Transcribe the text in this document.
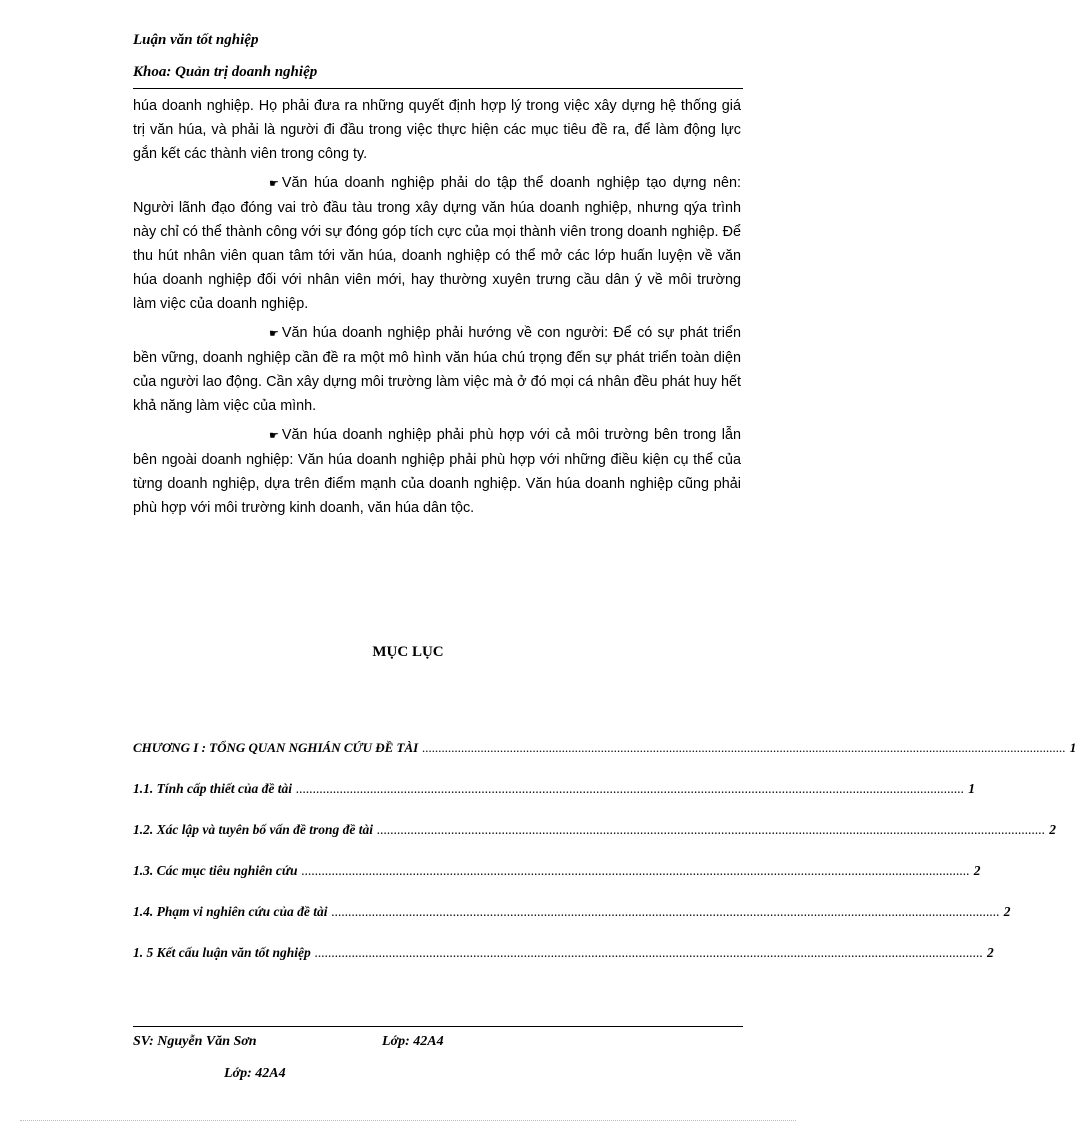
Luận văn tốt nghiệp
Khoa: Quản trị doanh nghiệp

húa doanh nghiệp. Họ phải đưa ra những quyết định hợp lý trong việc xây dựng hệ thống giá trị văn húa, và phải là người đi đầu trong việc thực hiện các mục tiêu đề ra, để làm động lực gắn kết các thành viên trong công ty.

☛ Văn húa doanh nghiệp phải do tập thể doanh nghiệp tạo dựng nên: Người lãnh đạo đóng vai trò đầu tàu trong xây dựng văn húa doanh nghiệp, nhưng qýa trình này chỉ có thể thành công với sự đóng góp tích cực của mọi thành viên trong doanh nghiệp. Để thu hút nhân viên quan tâm tới văn húa, doanh nghiệp có thể mở các lớp huấn luyện về văn húa doanh nghiệp đối với nhân viên mới, hay thường xuyên trưng cầu dân ý về môi trường làm việc của doanh nghiệp.

☛ Văn húa doanh nghiệp phải hướng về con người: Để có sự phát triển bền vững, doanh nghiệp cần đề ra một mô hình văn húa chú trọng đến sự phát triển toàn diện của người lao động. Cần xây dựng môi trường làm việc mà ở đó mọi cá nhân đều phát huy hết khả năng làm việc của mình.

☛ Văn húa doanh nghiệp phải phù hợp với cả môi trường bên trong lẫn bên ngoài doanh nghiệp: Văn húa doanh nghiệp phải phù hợp với những điều kiện cụ thể của từng doanh nghiệp, dựa trên điểm mạnh của doanh nghiệp. Văn húa doanh nghiệp cũng phải phù hợp với môi trường kinh doanh, văn húa dân tộc.

MỤC LỤC
CHƯƠNG I : TỔNG QUAN NGHIÁN CỨU ĐỀ TÀI ...................................................................................................................................................................................................... 1
1.1. Tính cấp thiết của đề tài ...................................................................................................................................................................................................... 1
1.2. Xác lập và tuyên bố vấn đề trong đề tài ...................................................................................................................................................................................................... 2
1.3. Các mục tiêu nghiên cứu ...................................................................................................................................................................................................... 2
1.4. Phạm vi nghiên cứu của đề tài ...................................................................................................................................................................................................... 2
1. 5 Kết cấu luận văn tốt nghiệp ...................................................................................................................................................................................................... 2
SV: Nguyễn Văn Sơn	Lớp: 42A4
Lớp: 42A4
